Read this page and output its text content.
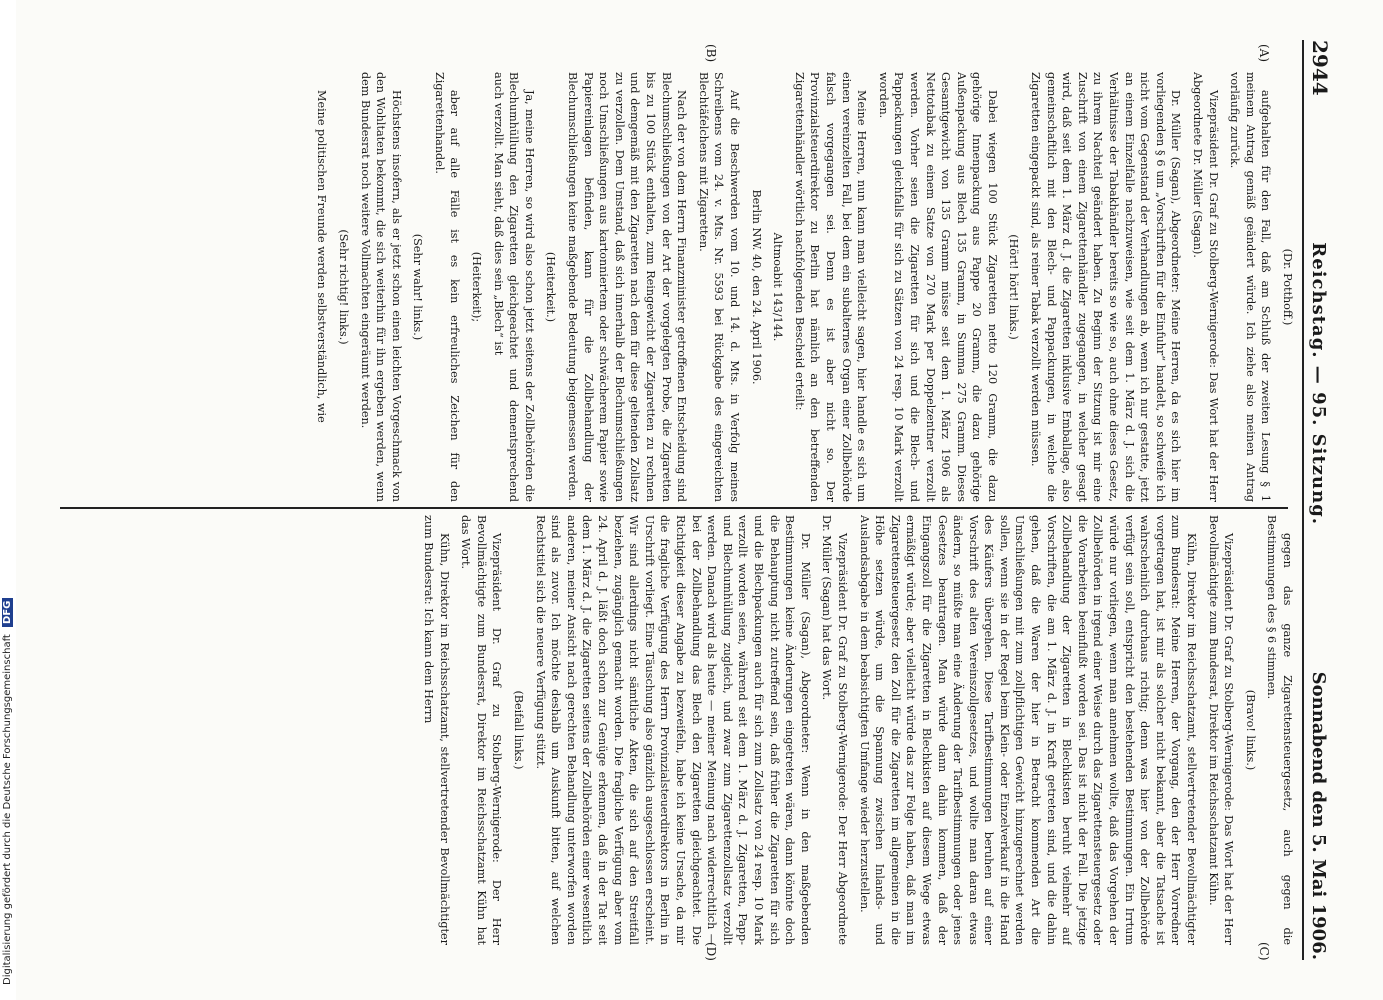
2944
Reichstag. — 95. Sitzung.
Sonnabend den 5. Mai 1906.
(A)
(B)
(C)
(D)

(Dr. Potthoff.)

aufgehalten für den Fall, daß am Schluß der zweiten Lesung § 1 meinem Antrag gemäß geändert würde. Ich ziehe also meinen Antrag vorläufig zurück.

Vizepräsident Dr. Graf zu Stolberg-Wernigerode: Das Wort hat der Herr Abgeordnete Dr. Müller (Sagan).

Dr. Müller (Sagan), Abgeordneter: Meine Herren, da es sich hier im vorliegenden § 6 um „Vorschriften für die Einfuhr“ handelt, so schweife ich nicht vom Gegenstand der Verhandlungen ab, wenn ich nur gestatte, jetzt an einem Einzelfalle nachzuweisen, wie seit dem 1. März d. J. sich die Verhältnisse der Tabakhändler bereits so wie so, auch ohne dieses Gesetz, zu ihrem Nachteil geändert haben. Zu Beginn der Sitzung ist mir eine Zuschrift von einem Zigarettenhändler zugegangen, in welcher gesagt wird, daß seit dem 1. März d. J. die Zigaretten inklusive Emballage, also gemeinschaftlich mit den Blech- und Pappackungen, in welche die Zigaretten eingepackt sind, als reiner Tabak verzollt werden müssen.

(Hört! hört! links.)

Dabei wiegen 100 Stück Zigaretten netto 120 Gramm, die dazu gehörige Innenpackung aus Pappe 20 Gramm, die dazu gehörige Außenpackung aus Blech 135 Gramm, in Summa 275 Gramm. Dieses Gesamtgewicht von 135 Gramm müsse seit dem 1. März 1906 als Nettotabak zu einem Satze von 270 Mark per Doppelzentner verzollt werden. Vorher seien die Zigaretten für sich und die Blech- und Pappackungen gleichfalls für sich zu Sätzen von 24 resp. 10 Mark verzollt worden.

Meine Herren, nun kann man vielleicht sagen, hier handle es sich um einen vereinzelten Fall, bei dem ein subalternes Organ einer Zollbehörde falsch vorgegangen sei. Denn es ist aber nicht so. Der Provinzialsteuerdirektor zu Berlin hat nämlich an den betreffenden Zigarettenhändler wörtlich nachfolgenden Bescheid erteilt:

Altmoabit 143/144.

Berlin NW. 40, den 24. April 1906.

Auf die Beschwerden vom 10. und 14. d. Mts. in Verfolg meines Schreibens vom 24. v. Mts. Nr. 5593 bei Rückgabe des eingereichten Blechtäfelchens mit Zigaretten.

Nach der von dem Herrn Finanzminister getroffenen Entscheidung sind Blechumschließungen von der Art der vorgelegten Probe, die Zigaretten bis zu 100 Stück enthalten, zum Reingewicht der Zigaretten zu rechnen und demgemäß mit den Zigaretten nach dem für diese geltenden Zollsatz zu verzollen. Dem Umstand, daß sich innerhalb der Blechumschließungen noch Umschließungen aus kartonniertem oder schwächerem Papier sowie Papiereinlagen befinden, kann für die Zollbehandlung der Blechumschließungen keine maßgebende Bedeutung beigemessen werden.

(Heiterkeit.)

Ja, meine Herren, so wird also schon jetzt seitens der Zollbehörden die Blechumhüllung den Zigaretten gleichgeachtet und dementsprechend auch verzollt. Man sieht, daß dies sein „Blech“ ist

(Heiterkeit);

aber auf alle Fälle ist es kein erfreuliches Zeichen für den Zigarettenhandel.

(Sehr wahr! links.)

Höchstens insofern, als er jetzt schon einen leichten Vorgeschmack von den Wohltaten bekommt, die sich weiterhin für ihn ergeben werden, wenn dem Bundesrat noch weitere Vollmachten eingeräumt werden.

(Sehr richtig! links.)

Meine politischen Freunde werden selbstverständlich, wie

gegen das ganze Zigarettensteuergesetz, auch gegen die Bestimmungen des § 6 stimmen.

(Bravo! links.)

Vizepräsident Dr. Graf zu Stolberg-Wernigerode: Das Wort hat der Herr Bevollmächtigte zum Bundesrat, Direktor im Reichsschatzamt Kühn.

Kühn, Direktor im Reichsschatzamt, stellvertretender Bevollmächtigter zum Bundesrat: Meine Herren, der Vorgang, den der Herr Vorredner vorgetragen hat, ist mir als solcher nicht bekannt, aber die Tatsache ist wahrscheinlich durchaus richtig; denn was hier von der Zollbehörde verfügt sein soll, entspricht den bestehenden Bestimmungen. Ein Irrtum würde nur vorliegen, wenn man annehmen wollte, daß das Vorgehen der Zollbehörden in irgend einer Weise durch das Zigarettensteuergesetz oder die Vorarbeiten beeinflußt worden sei. Das ist nicht der Fall. Die jetzige Zollbehandlung der Zigaretten in Blechkisten beruht vielmehr auf Vorschriften, die am 1. März d. J. in Kraft getreten sind, und die dahin gehen, daß die Waren der hier in Betracht kommenden Art die Umschließungen mit zum zollpflichtigen Gewicht hinzugerechnet werden sollen, wenn sie in der Regel beim Klein- oder Einzelverkauf in die Hand des Käufers übergehen. Diese Tarifbestimmungen beruhen auf einer Vorschrift des alten Vereinszollgesetzes, und wollte man daran etwas ändern, so müßte man eine Änderung der Tarifbestimmungen oder jenes Gesetzes beantragen. Man würde dann dahin kommen, daß der Eingangszoll für die Zigaretten in Blechkisten auf diesem Wege etwas ermäßigt würde; aber vielleicht würde das zur Folge haben, daß man im Zigarettensteuergesetz den Zoll für die Zigaretten im allgemeinen in die Höhe setzen würde, um die Spannung zwischen Inlands- und Auslandsabgabe in dem beabsichtigten Umfange wieder herzustellen.

Vizepräsident Dr. Graf zu Stolberg-Wernigerode: Der Herr Abgeordnete Dr. Müller (Sagan) hat das Wort.

Dr. Müller (Sagan), Abgeordneter: Wenn in den maßgebenden Bestimmungen keine Änderungen eingetreten wären, dann könnte doch die Behauptung nicht zutreffend sein, daß früher die Zigaretten für sich und die Blechpackungen auch für sich zum Zollsatz von 24 resp. 10 Mark verzollt worden seien, während seit dem 1. März d. J. Zigaretten, Papp- und Blechumhüllung zugleich, und zwar zum Zigarettenzollsatz verzollt werden. Danach wird als heute — meiner Meinung nach widerrechtlich — bei der Zollbehandlung das Blech den Zigaretten gleichgeachtet. Die Richtigkeit dieser Angabe zu bezweifeln, habe ich keine Ursache, da mir die fragliche Verfügung des Herrn Provinzialsteuerdirektors in Berlin in Urschrift vorliegt. Eine Täuschung also gänzlich ausgeschlossen erscheint. Wir sind allerdings nicht sämtliche Akten, die sich auf den Streitfall beziehen, zugänglich gemacht worden. Die fragliche Verfügung aber vom 24. April d. J. läßt doch schon zur Genüge erkennen, daß in der Tat seit dem 1. März d. J. die Zigaretten seitens der Zollbehörden einer wesentlich anderen, meiner Ansicht nach gerechten Behandlung unterworfen worden sind als zuvor. Ich möchte deshalb um Auskunft bitten, auf welchen Rechtstitel sich die neuere Verfügung stützt.

(Beifall links.)

Vizepräsident Dr. Graf zu Stolberg-Wernigerode: Der Herr Bevollmächtigte zum Bundesrat, Direktor im Reichsschatzamt Kühn hat das Wort.

Kühn, Direktor im Reichsschatzamt, stellvertretender Bevollmächtigter zum Bundesrat: Ich kann dem Herrn

Digitalisierung gefördert durch die Deutsche Forschungsgemeinschaft DFG
